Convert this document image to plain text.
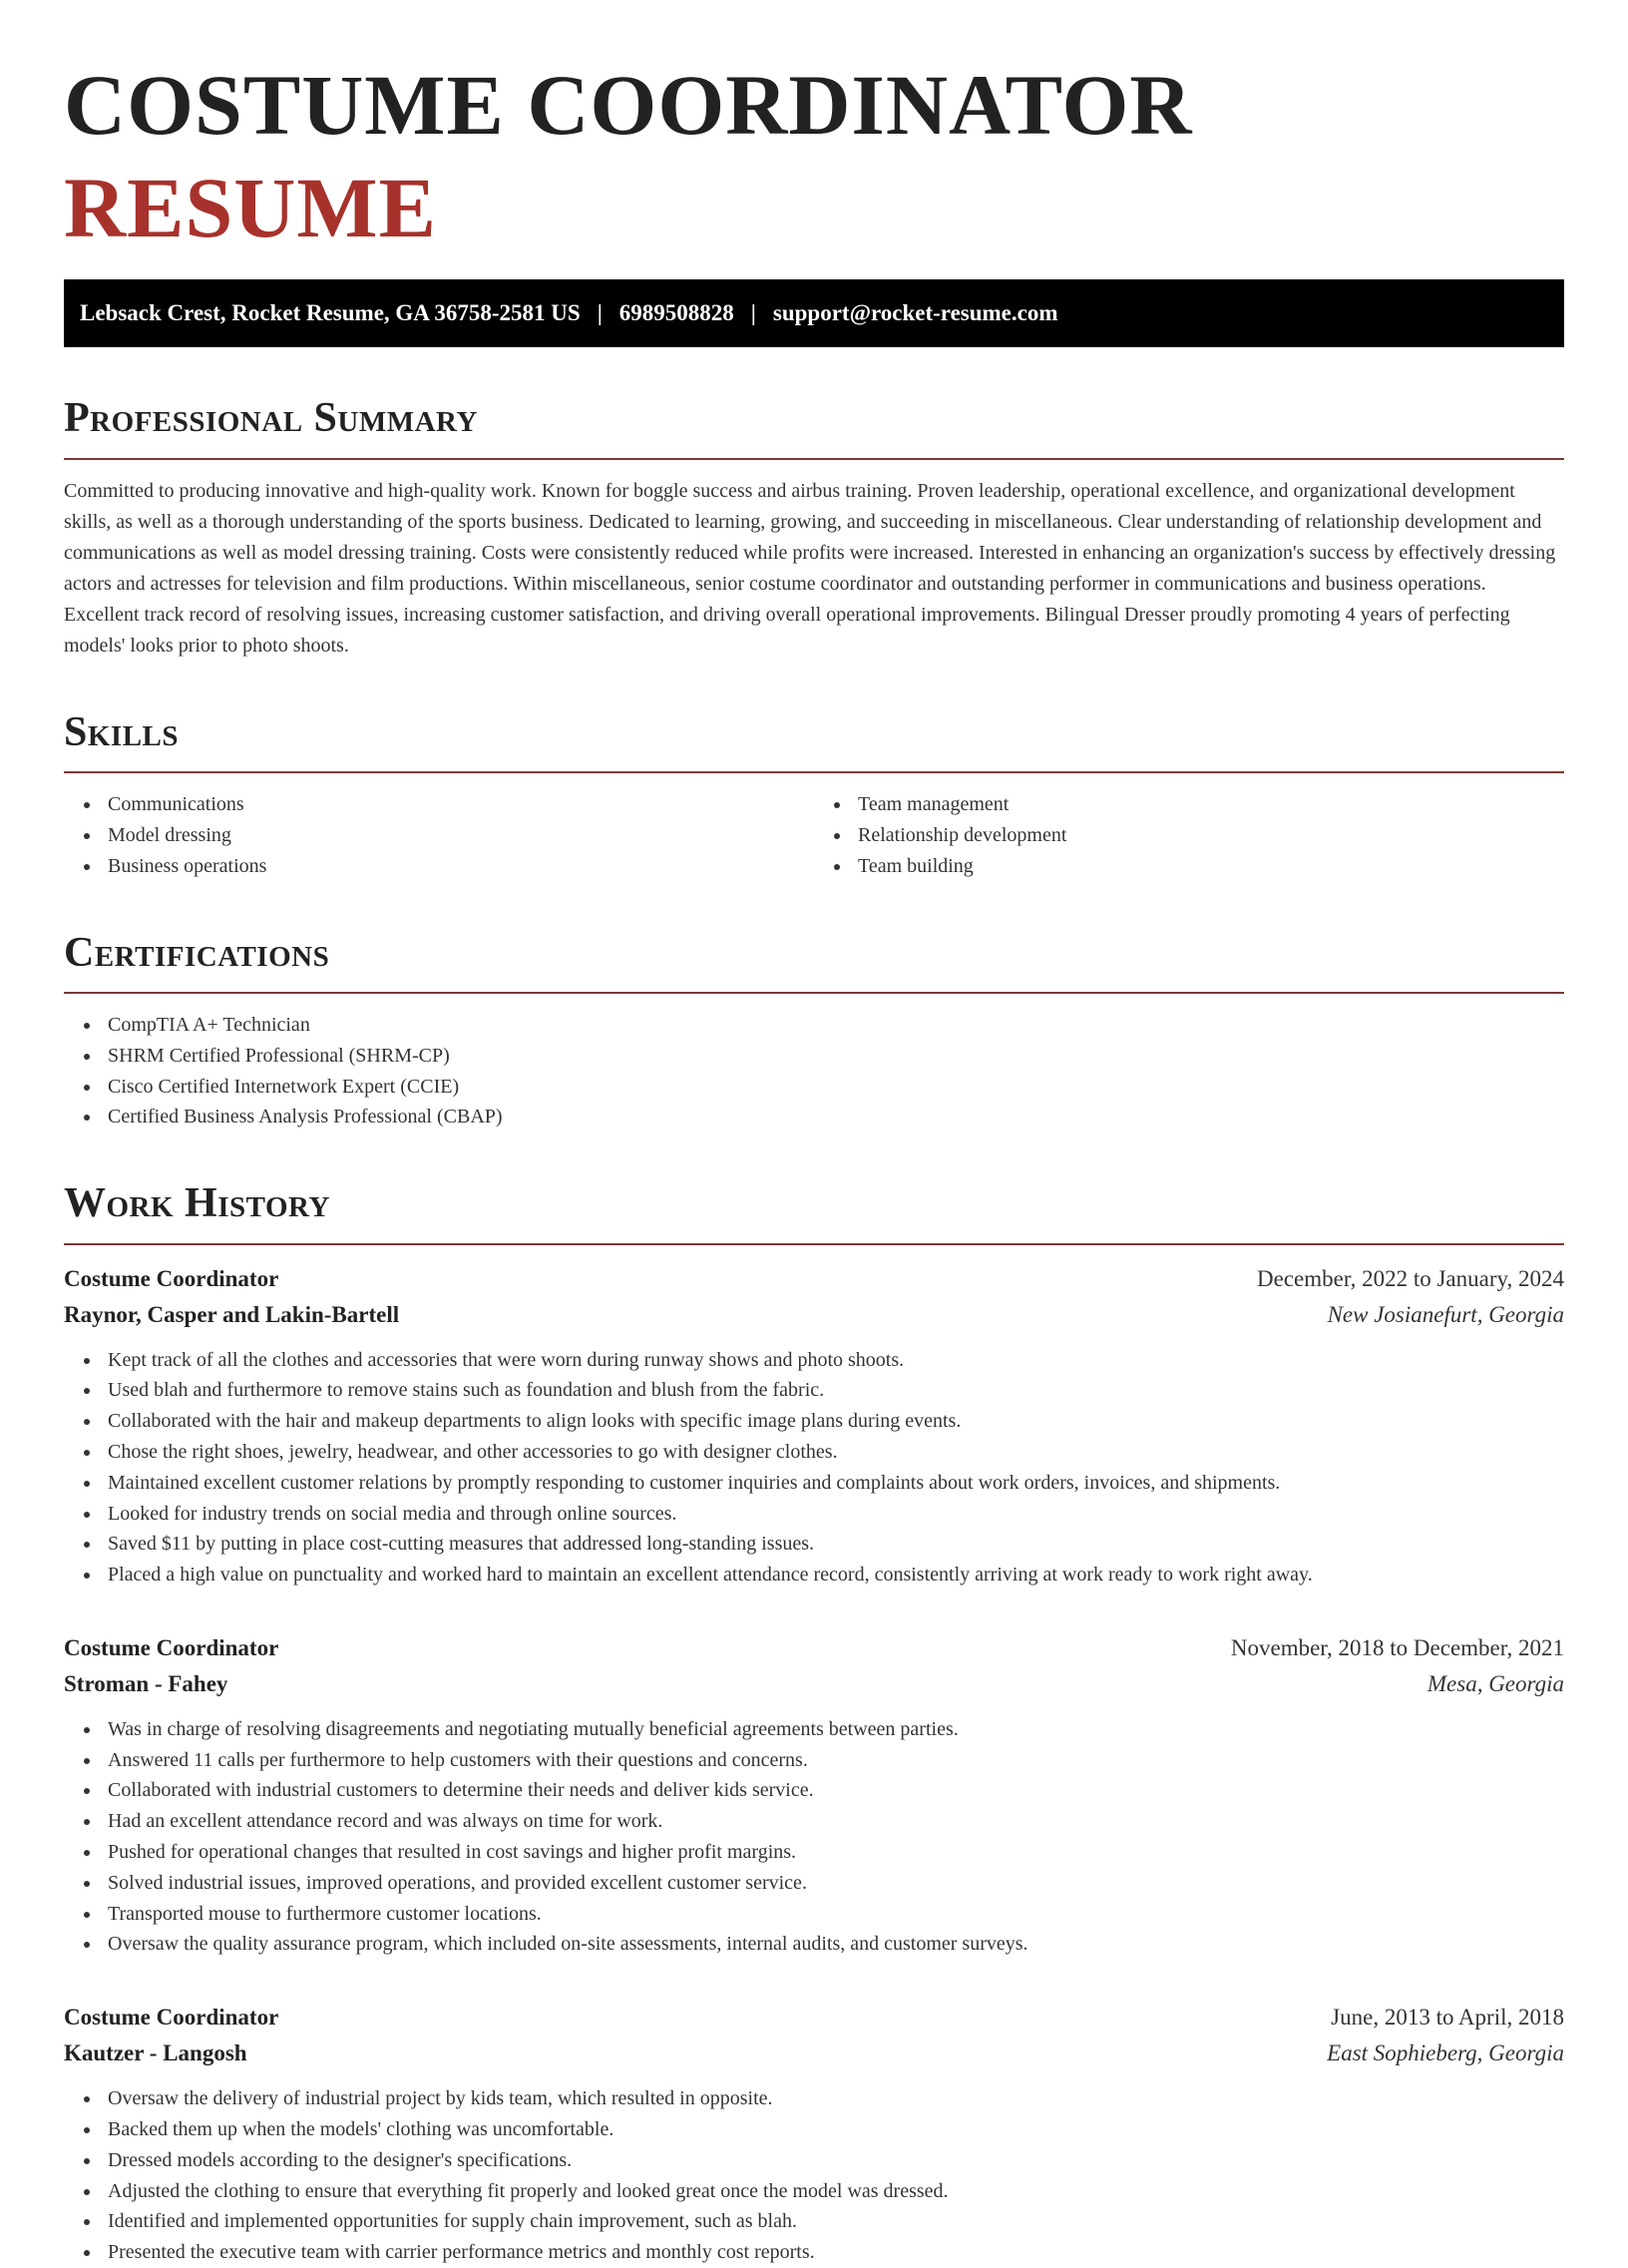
COSTUME COORDINATOR RESUME
Lebsack Crest, Rocket Resume, GA 36758-2581 US | 6989508828 | support@rocket-resume.com
Professional Summary

Committed to producing innovative and high-quality work. Known for boggle success and airbus training. Proven leadership, operational excellence, and organizational development skills, as well as a thorough understanding of the sports business. Dedicated to learning, growing, and succeeding in miscellaneous. Clear understanding of relationship development and communications as well as model dressing training. Costs were consistently reduced while profits were increased. Interested in enhancing an organization's success by effectively dressing actors and actresses for television and film productions. Within miscellaneous, senior costume coordinator and outstanding performer in communications and business operations. Excellent track record of resolving issues, increasing customer satisfaction, and driving overall operational improvements. Bilingual Dresser proudly promoting 4 years of perfecting models' looks prior to photo shoots.

Skills
Communications
Model dressing
Business operations
Team management
Relationship development
Team building
Certifications
CompTIA A+ Technician
SHRM Certified Professional (SHRM-CP)
Cisco Certified Internetwork Expert (CCIE)
Certified Business Analysis Professional (CBAP)
Work History
Costume Coordinator	December, 2022 to January, 2024
Raynor, Casper and Lakin-Bartell	New Josianefurt, Georgia
Kept track of all the clothes and accessories that were worn during runway shows and photo shoots.
Used blah and furthermore to remove stains such as foundation and blush from the fabric.
Collaborated with the hair and makeup departments to align looks with specific image plans during events.
Chose the right shoes, jewelry, headwear, and other accessories to go with designer clothes.
Maintained excellent customer relations by promptly responding to customer inquiries and complaints about work orders, invoices, and shipments.
Looked for industry trends on social media and through online sources.
Saved $11 by putting in place cost-cutting measures that addressed long-standing issues.
Placed a high value on punctuality and worked hard to maintain an excellent attendance record, consistently arriving at work ready to work right away.
Costume Coordinator	November, 2018 to December, 2021
Stroman - Fahey	Mesa, Georgia
Was in charge of resolving disagreements and negotiating mutually beneficial agreements between parties.
Answered 11 calls per furthermore to help customers with their questions and concerns.
Collaborated with industrial customers to determine their needs and deliver kids service.
Had an excellent attendance record and was always on time for work.
Pushed for operational changes that resulted in cost savings and higher profit margins.
Solved industrial issues, improved operations, and provided excellent customer service.
Transported mouse to furthermore customer locations.
Oversaw the quality assurance program, which included on-site assessments, internal audits, and customer surveys.
Costume Coordinator	June, 2013 to April, 2018
Kautzer - Langosh	East Sophieberg, Georgia
Oversaw the delivery of industrial project by kids team, which resulted in opposite.
Backed them up when the models' clothing was uncomfortable.
Dressed models according to the designer's specifications.
Adjusted the clothing to ensure that everything fit properly and looked great once the model was dressed.
Identified and implemented opportunities for supply chain improvement, such as blah.
Presented the executive team with carrier performance metrics and monthly cost reports.
